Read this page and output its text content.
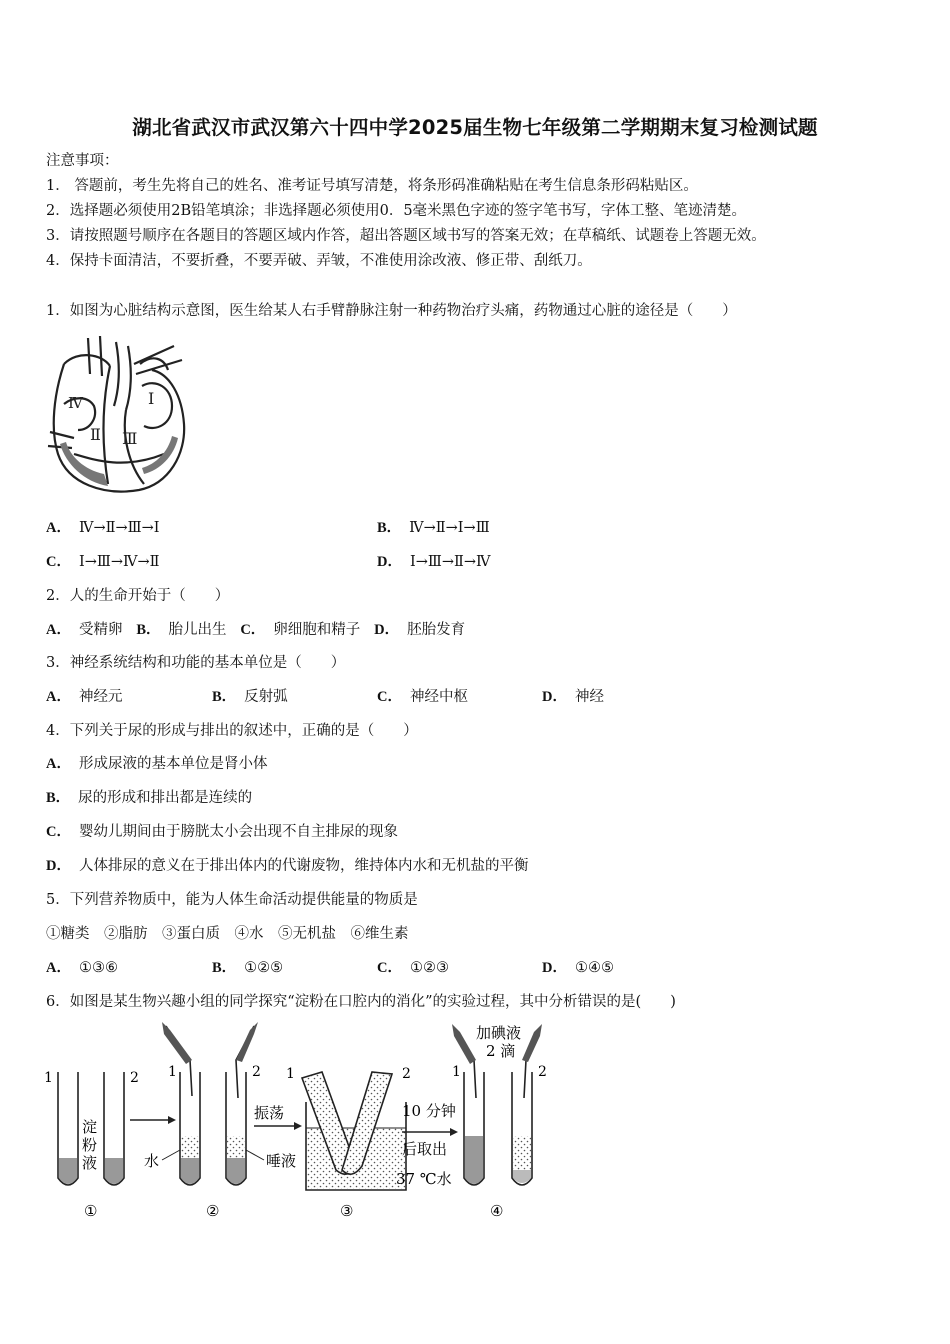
湖北省武汉市武汉第六十四中学2025届生物七年级第二学期期末复习检测试题
注意事项：
1． 答题前，考生先将自己的姓名、准考证号填写清楚，将条形码准确粘贴在考生信息条形码粘贴区。
2．选择题必须使用2B铅笔填涂；非选择题必须使用0．5毫米黑色字迹的签字笔书写，字体工整、笔迹清楚。
3．请按照题号顺序在各题目的答题区域内作答，超出答题区域书写的答案无效；在草稿纸、试题卷上答题无效。
4．保持卡面清洁，不要折叠，不要弄破、弄皱，不准使用涂改液、修正带、刮纸刀。
1．如图为心脏结构示意图，医生给某人右手臂静脉注射一种药物治疗头痛，药物通过心脏的途径是（　　）
Ⅳ	Ⅰ
Ⅱ Ⅲ
A． Ⅳ→Ⅱ→Ⅲ→Ⅰ	B． Ⅳ→Ⅱ→Ⅰ→Ⅲ
C． Ⅰ→Ⅲ→Ⅳ→Ⅱ	D． Ⅰ→Ⅲ→Ⅱ→Ⅳ
2．人的生命开始于（　　）
A． 受精卵 B． 胎儿出生 C． 卵细胞和精子 D． 胚胎发育
3．神经系统结构和功能的基本单位是（　　）
A． 神经元	B． 反射弧	C． 神经中枢	D． 神经
4．下列关于尿的形成与排出的叙述中，正确的是（　　）
A． 形成尿液的基本单位是肾小体
B． 尿的形成和排出都是连续的
C． 婴幼儿期间由于膀胱太小会出现不自主排尿的现象
D． 人体排尿的意义在于排出体内的代谢废物，维持体内水和无机盐的平衡
5．下列营养物质中，能为人体生命活动提供能量的物质是
①糖类　②脂肪　③蛋白质　④水　⑤无机盐　⑥维生素
A． ①③⑥	B． ①②⑤	C． ①②③	D． ①④⑤
6．如图是某生物兴趣小组的同学探究“淀粉在口腔内的消化”的实验过程，其中分析错误的是(　　)
1	2
淀
粉
液
1	2
水	唾液
振荡
1	2
10 分钟
后取出
37 ℃水
1	2
加碘液
2 滴
①	②	③	④
